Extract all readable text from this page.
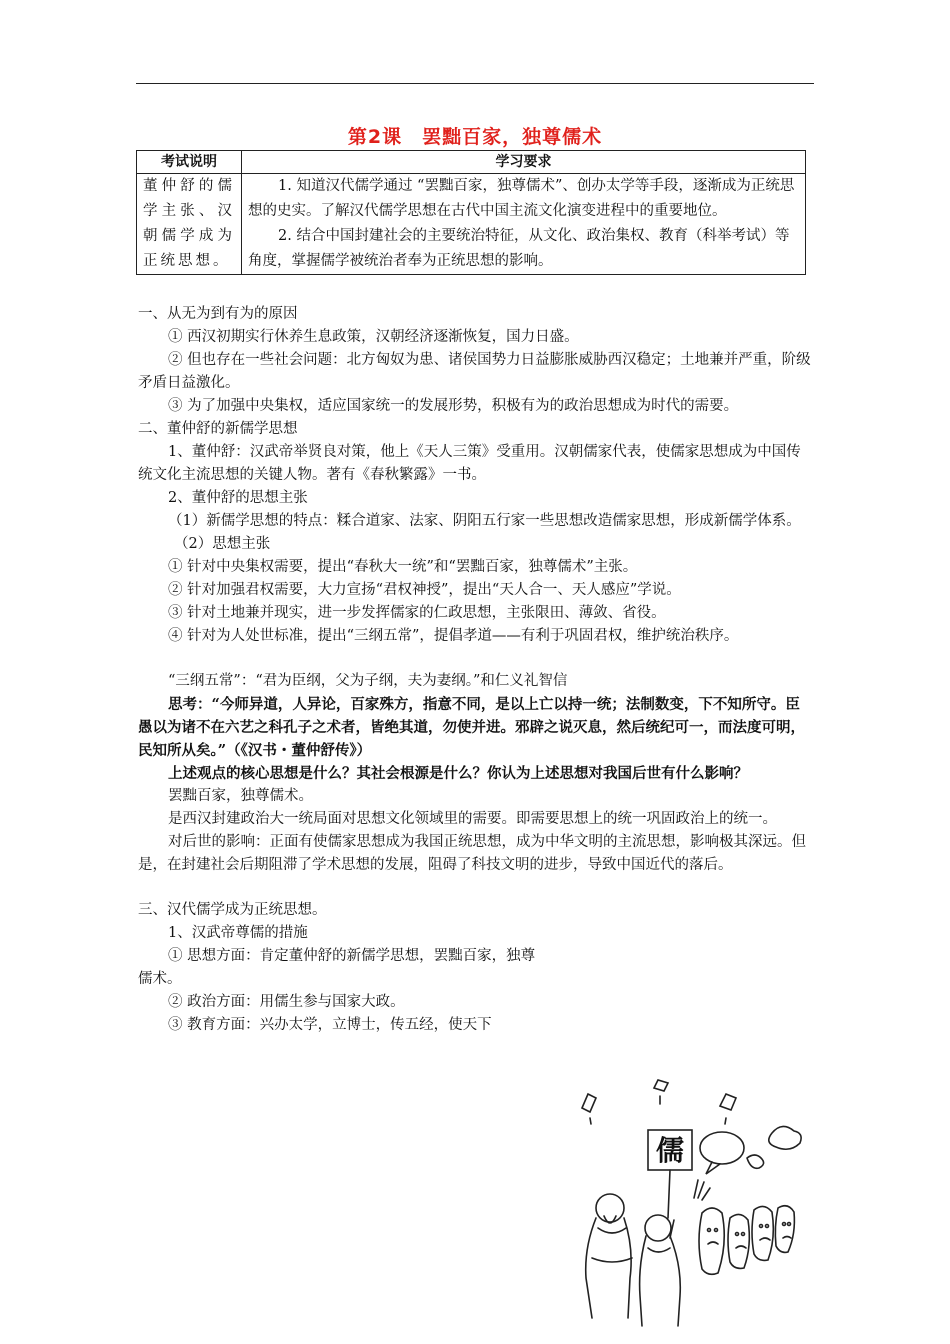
第2课　罢黜百家，独尊儒术
考试说明	学习要求
董仲舒的儒学主张、汉朝儒学成为正统思想。	1. 知道汉代儒学通过 “罢黜百家，独尊儒术”、创办太学等手段，逐渐成为正统思想的史实。了解汉代儒学思想在古代中国主流文化演变进程中的重要地位。
2. 结合中国封建社会的主要统治特征，从文化、政治集权、教育（科举考试）等角度，掌握儒学被统治者奉为正统思想的影响。

一、从无为到有为的原因

① 西汉初期实行休养生息政策，汉朝经济逐渐恢复，国力日盛。

② 但也存在一些社会问题：北方匈奴为患、诸侯国势力日益膨胀威胁西汉稳定；土地兼并严重，阶级矛盾日益激化。

③ 为了加强中央集权，适应国家统一的发展形势，积极有为的政治思想成为时代的需要。

二、董仲舒的新儒学思想

1、董仲舒：汉武帝举贤良对策，他上《天人三策》受重用。汉朝儒家代表，使儒家思想成为中国传统文化主流思想的关键人物。著有《春秋繁露》一书。

2、董仲舒的思想主张

（1）新儒学思想的特点：糅合道家、法家、阴阳五行家一些思想改造儒家思想，形成新儒学体系。

（2）思想主张

① 针对中央集权需要，提出“春秋大一统”和“罢黜百家，独尊儒术”主张。

② 针对加强君权需要，大力宣扬“君权神授”，提出“天人合一、天人感应”学说。

③ 针对土地兼并现实，进一步发挥儒家的仁政思想，主张限田、薄敛、省役。

④ 针对为人处世标准，提出“三纲五常”，提倡孝道——有利于巩固君权，维护统治秩序。

“三纲五常”：“君为臣纲，父为子纲，夫为妻纲。”和仁义礼智信

思考：“今师异道，人异论，百家殊方，指意不同，是以上亡以持一统；法制数变，下不知所守。臣愚以为诸不在六艺之科孔子之术者，皆绝其道，勿使并进。邪辟之说灭息，然后统纪可一，而法度可明，民知所从矣。”（《汉书・董仲舒传》）

上述观点的核心思想是什么？其社会根源是什么？你认为上述思想对我国后世有什么影响？

罢黜百家，独尊儒术。

是西汉封建政治大一统局面对思想文化领域里的需要。即需要思想上的统一巩固政治上的统一。

对后世的影响：正面有使儒家思想成为我国正统思想，成为中华文明的主流思想，影响极其深远。但是，在封建社会后期阻滞了学术思想的发展，阻碍了科技文明的进步，导致中国近代的落后。

三、汉代儒学成为正统思想。

1、汉武帝尊儒的措施

① 思想方面：肯定董仲舒的新儒学思想，罢黜百家，独尊儒术。

② 政治方面：用儒生参与国家大政。

③ 教育方面：兴办太学，立博士，传五经，使天下

儒
